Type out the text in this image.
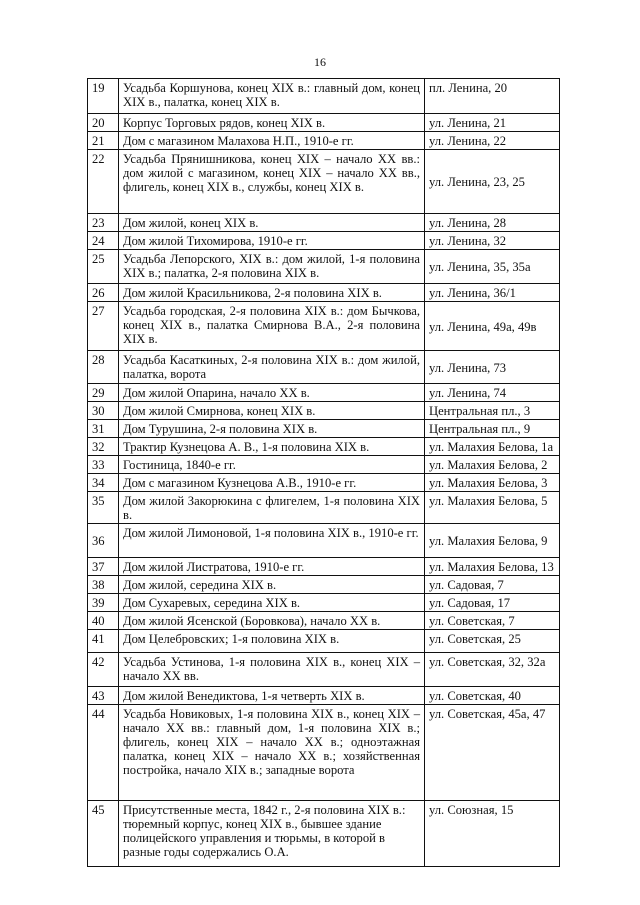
16
19	Усадьба Коршунова, конец XIX в.: главный дом, конец XIX в., палатка, конец XIX в.	пл. Ленина, 20
20	Корпус Торговых рядов, конец XIX в.	ул. Ленина, 21
21	Дом с магазином Малахова Н.П., 1910-е гг.	ул. Ленина, 22
22	Усадьба Прянишникова, конец XIX – начало XX вв.: дом жилой с магазином, конец XIX – начало XX вв., флигель, конец XIX в., службы, конец XIX в.	ул. Ленина, 23, 25
23	Дом жилой, конец XIX в.	ул. Ленина, 28
24	Дом жилой Тихомирова, 1910-е гг.	ул. Ленина, 32
25	Усадьба Лепорского, XIX в.: дом жилой, 1-я половина XIX в.; палатка, 2-я половина XIX в.	ул. Ленина, 35, 35а
26	Дом жилой Красильникова, 2-я половина XIX в.	ул. Ленина, 36/1
27	Усадьба городская, 2-я половина XIX в.: дом Бычкова, конец XIX в., палатка Смирнова В.А., 2-я половина XIX в.	ул. Ленина, 49а, 49в
28	Усадьба Касаткиных, 2-я половина XIX в.: дом жилой, палатка, ворота	ул. Ленина, 73
29	Дом жилой Опарина, начало XX в.	ул. Ленина, 74
30	Дом жилой Смирнова, конец XIX в.	Центральная пл., 3
31	Дом Турушина, 2-я половина XIX в.	Центральная пл., 9
32	Трактир Кузнецова А. В., 1-я половина XIX в.	ул. Малахия Белова, 1а
33	Гостиница, 1840-е гг.	ул. Малахия Белова, 2
34	Дом с магазином Кузнецова А.В., 1910-е гг.	ул. Малахия Белова, 3
35	Дом жилой Закорюкина с флигелем, 1-я половина XIX в.	ул. Малахия Белова, 5
36	Дом жилой Лимоновой, 1-я половина XIX в., 1910-е гг.	ул. Малахия Белова, 9
37	Дом жилой Листратова, 1910-е гг.	ул. Малахия Белова, 13
38	Дом жилой, середина XIX в.	ул. Садовая, 7
39	Дом Сухаревых, середина XIX в.	ул. Садовая, 17
40	Дом жилой Ясенской (Боровкова), начало XX в.	ул. Советская, 7
41	Дом Целебровских; 1-я половина XIX в.	ул. Советская, 25
42	Усадьба Устинова, 1-я половина XIX в., конец XIX – начало XX вв.	ул. Советская, 32, 32а
43	Дом жилой Венедиктова, 1-я четверть XIX в.	ул. Советская, 40
44	Усадьба Новиковых, 1-я половина XIX в., конец XIX – начало XX вв.: главный дом, 1-я половина XIX в.; флигель, конец XIX – начало XX в.; одноэтажная палатка, конец XIX – начало XX в.; хозяйственная постройка, начало XIX в.; западные ворота	ул. Советская, 45а, 47
45	Присутственные места, 1842 г., 2-я половина XIX в.: тюремный корпус, конец XIX в., бывшее здание полицейского управления и тюрьмы, в которой в разные годы содержались О.А.	ул. Союзная, 15
